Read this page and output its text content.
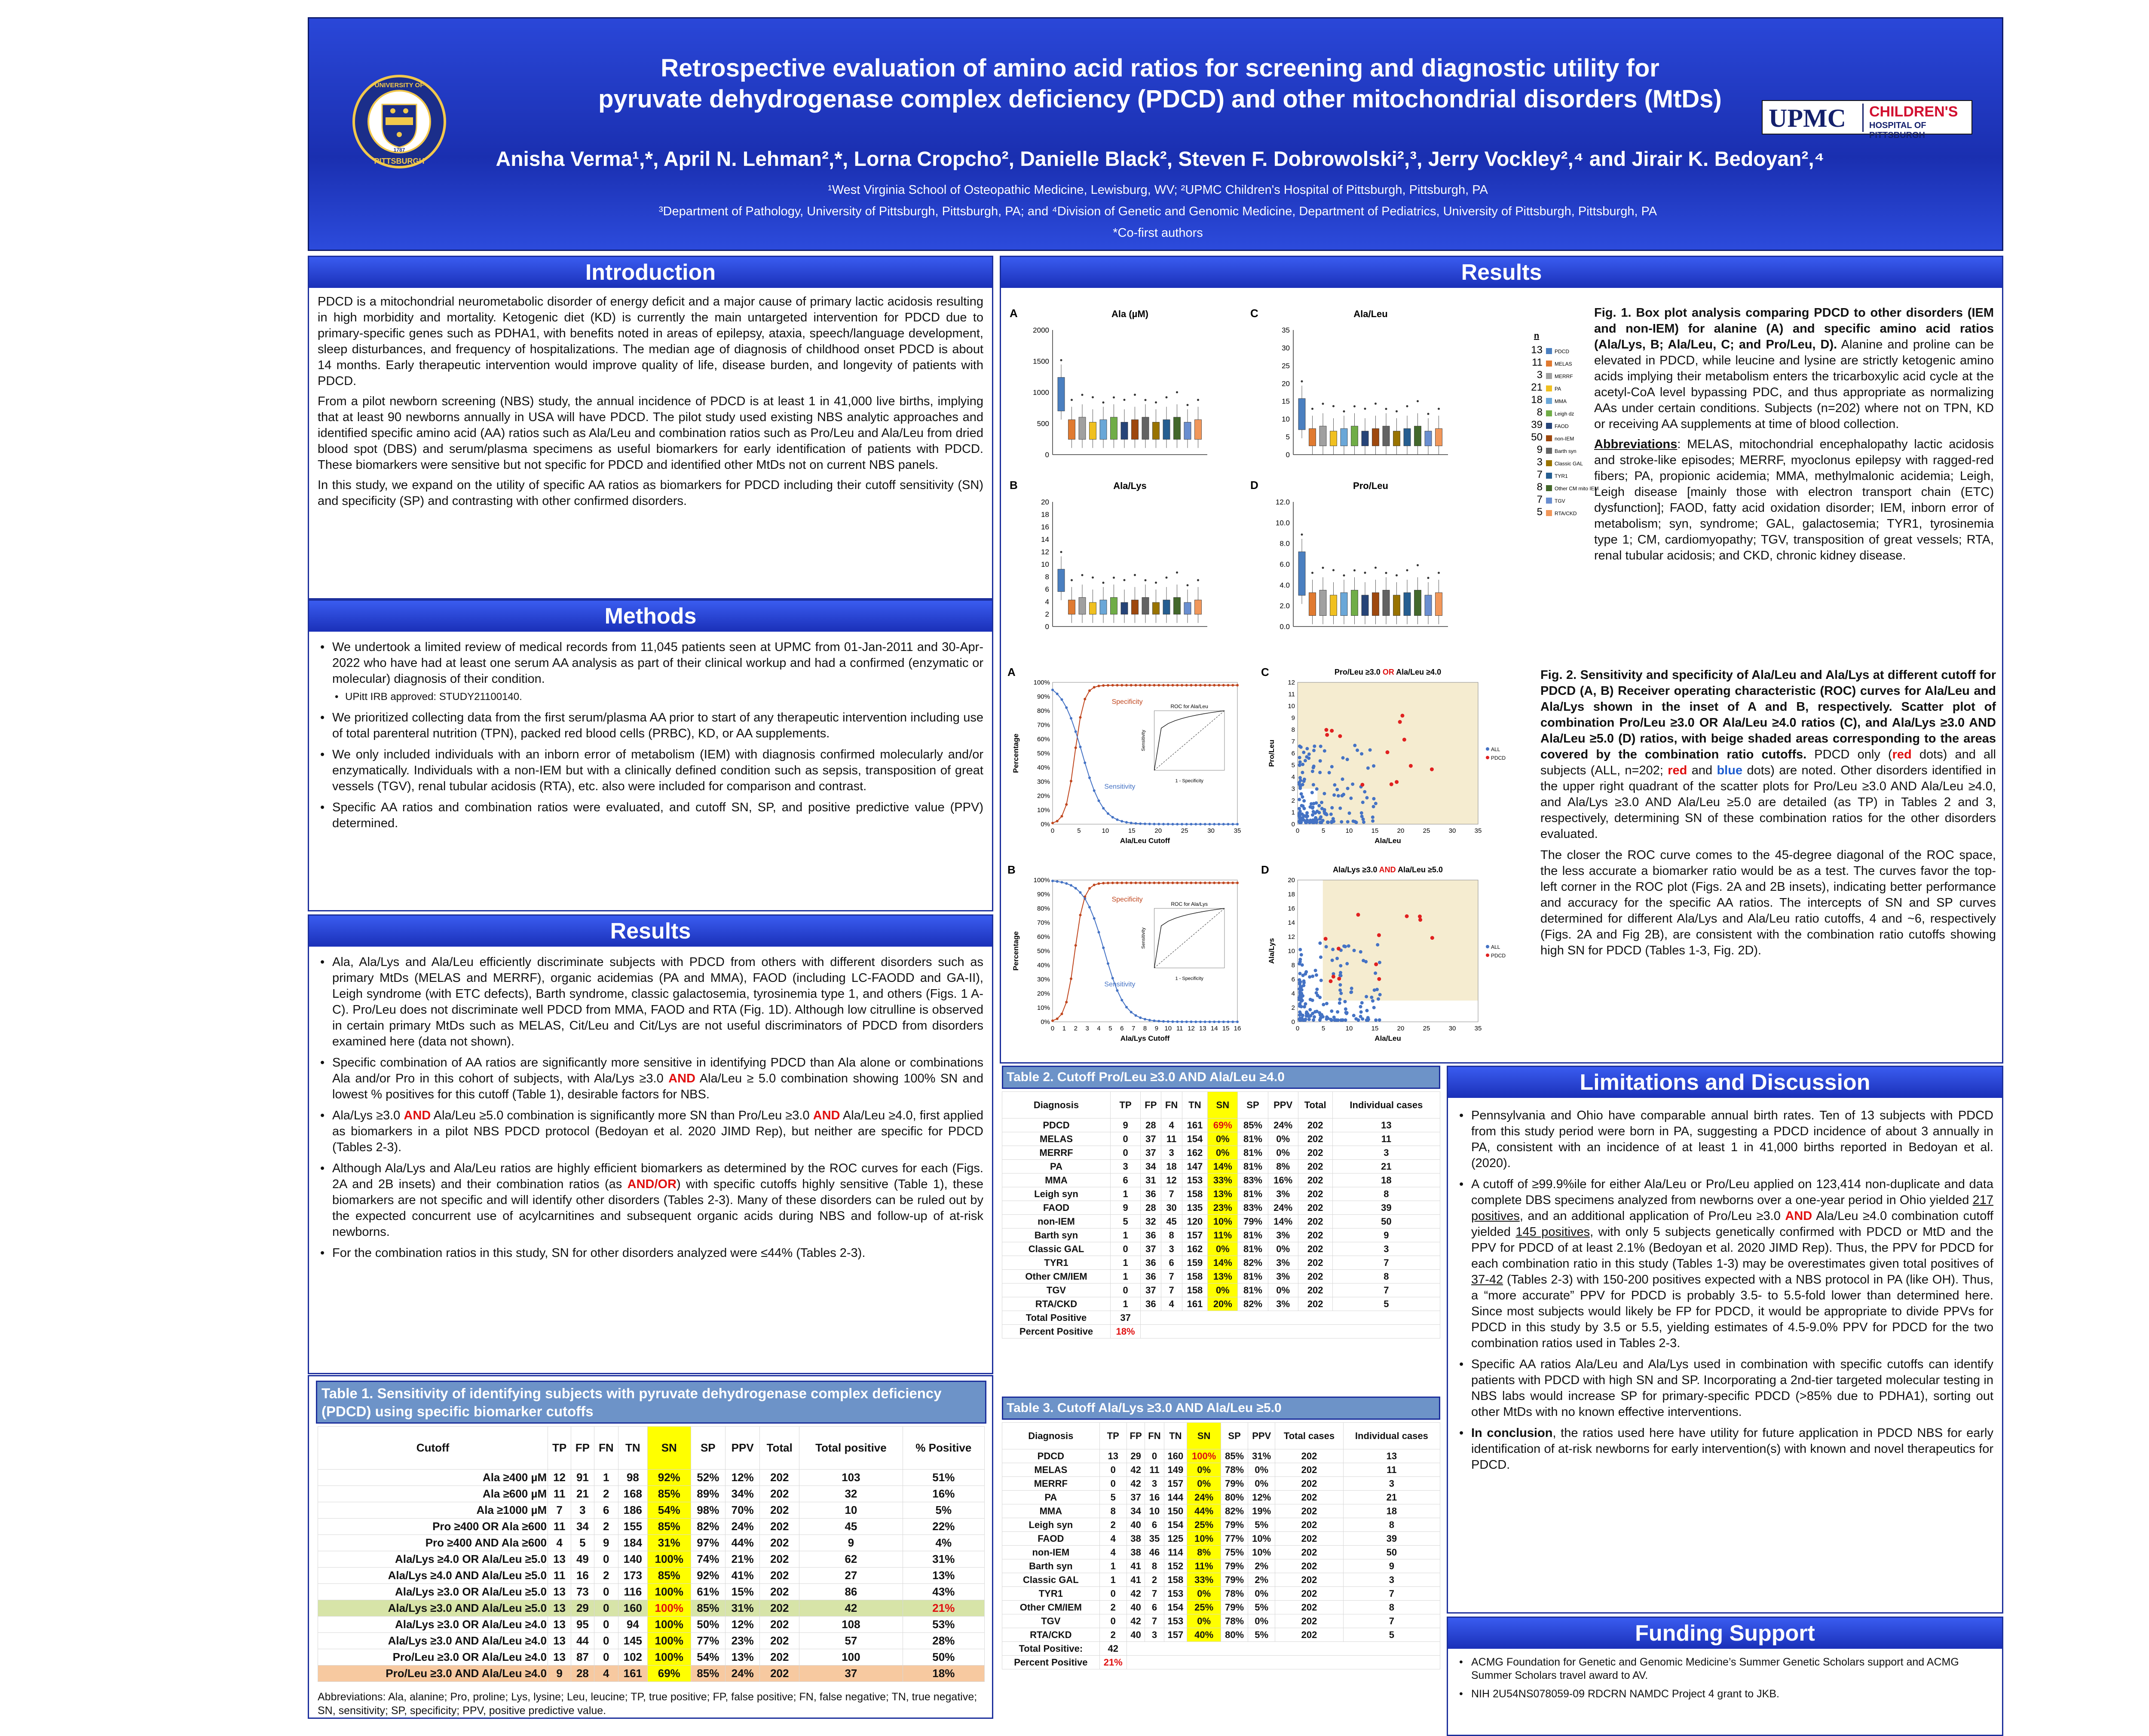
UNIVERSITY OF
PITTSBURGH
1787
Retrospective evaluation of amino acid ratios for screening and diagnostic utility for
pyruvate dehydrogenase complex deficiency (PDCD) and other mitochondrial disorders (MtDs)
UPMC CHILDREN'S
HOSPITAL OF PITTSBURGH
Anisha Verma¹,*, April N. Lehman²,*, Lorna Cropcho², Danielle Black², Steven F. Dobrowolski²,³, Jerry Vockley²,⁴ and Jirair K. Bedoyan²,⁴
¹West Virginia School of Osteopathic Medicine, Lewisburg, WV; ²UPMC Children's Hospital of Pittsburgh, Pittsburgh, PA
³Department of Pathology, University of Pittsburgh, Pittsburgh, PA; and ⁴Division of Genetic and Genomic Medicine, Department of Pediatrics, University of Pittsburgh, Pittsburgh, PA
*Co-first authors
Introduction

PDCD is a mitochondrial neurometabolic disorder of energy deficit and a major cause of primary lactic acidosis resulting in high morbidity and mortality. Ketogenic diet (KD) is currently the main untargeted intervention for PDCD due to primary-specific genes such as PDHA1, with benefits noted in areas of epilepsy, ataxia, speech/language development, sleep disturbances, and frequency of hospitalizations. The median age of diagnosis of childhood onset PDCD is about 14 months. Early therapeutic intervention would improve quality of life, disease burden, and longevity of patients with PDCD.

From a pilot newborn screening (NBS) study, the annual incidence of PDCD is at least 1 in 41,000 live births, implying that at least 90 newborns annually in USA will have PDCD. The pilot study used existing NBS analytic approaches and identified specific amino acid (AA) ratios such as Ala/Leu and combination ratios such as Pro/Leu and Ala/Leu from dried blood spot (DBS) and serum/plasma specimens as useful biomarkers for early identification of patients with PDCD. These biomarkers were sensitive but not specific for PDCD and identified other MtDs not on current NBS panels.

In this study, we expand on the utility of specific AA ratios as biomarkers for PDCD including their cutoff sensitivity (SN) and specificity (SP) and contrasting with other confirmed disorders.

Methods
• We undertook a limited review of medical records from 11,045 patients seen at UPMC from 01-Jan-2011 and 30-Apr-2022 who have had at least one serum AA analysis as part of their clinical workup and had a confirmed (enzymatic or molecular) diagnosis of their condition.
• UPitt IRB approved: STUDY21100140.
• We prioritized collecting data from the first serum/plasma AA prior to start of any therapeutic intervention including use of total parenteral nutrition (TPN), packed red blood cells (PRBC), KD, or AA supplements.
• We only included individuals with an inborn error of metabolism (IEM) with diagnosis confirmed molecularly and/or enzymatically. Individuals with a non-IEM but with a clinically defined condition such as sepsis, transposition of great vessels (TGV), renal tubular acidosis (RTA), etc. also were included for comparison and contrast.
• Specific AA ratios and combination ratios were evaluated, and cutoff SN, SP, and positive predictive value (PPV) determined.
Results
• Ala, Ala/Lys and Ala/Leu efficiently discriminate subjects with PDCD from others with different disorders such as primary MtDs (MELAS and MERRF), organic acidemias (PA and MMA), FAOD (including LC-FAODD and GA-II), Leigh syndrome (with ETC defects), Barth syndrome, classic galactosemia, tyrosinemia type 1, and others (Figs. 1 A-C). Pro/Leu does not discriminate well PDCD from MMA, FAOD and RTA (Fig. 1D). Although low citrulline is observed in certain primary MtDs such as MELAS, Cit/Leu and Cit/Lys are not useful discriminators of PDCD from disorders examined here (data not shown).
• Specific combination of AA ratios are significantly more sensitive in identifying PDCD than Ala alone or combinations Ala and/or Pro in this cohort of subjects, with Ala/Lys ≥3.0 AND Ala/Leu ≥ 5.0 combination showing 100% SN and lowest % positives for this cutoff (Table 1), desirable factors for NBS.
• Ala/Lys ≥3.0 AND Ala/Leu ≥5.0 combination is significantly more SN than Pro/Leu ≥3.0 AND Ala/Leu ≥4.0, first applied as biomarkers in a pilot NBS PDCD protocol (Bedoyan et al. 2020 JIMD Rep), but neither are specific for PDCD (Tables 2-3).
• Although Ala/Lys and Ala/Leu ratios are highly efficient biomarkers as determined by the ROC curves for each (Figs. 2A and 2B insets) and their combination ratios (as AND/OR) with specific cutoffs highly sensitive (Table 1), these biomarkers are not specific and will identify other disorders (Tables 2-3). Many of these disorders can be ruled out by the expected concurrent use of acylcarnitines and subsequent organic acids during NBS and follow-up of at-risk newborns.
• For the combination ratios in this study, SN for other disorders analyzed were ≤44% (Tables 2-3).
Table 1. Sensitivity of identifying subjects with pyruvate dehydrogenase complex deficiency (PDCD) using specific biomarker cutoffs
Cutoff	TP	FP	FN	TN	SN	SP	PPV	Total	Total positive	% Positive
Ala ≥400 µM	12	91	1	98	92%	52%	12%	202	103	51%
Ala ≥600 µM	11	21	2	168	85%	89%	34%	202	32	16%
Ala ≥1000 µM	7	3	6	186	54%	98%	70%	202	10	5%
Pro ≥400 OR Ala ≥600	11	34	2	155	85%	82%	24%	202	45	22%
Pro ≥400 AND Ala ≥600	4	5	9	184	31%	97%	44%	202	9	4%
Ala/Lys ≥4.0 OR Ala/Leu ≥5.0	13	49	0	140	100%	74%	21%	202	62	31%
Ala/Lys ≥4.0 AND Ala/Leu ≥5.0	11	16	2	173	85%	92%	41%	202	27	13%
Ala/Lys ≥3.0 OR Ala/Leu ≥5.0	13	73	0	116	100%	61%	15%	202	86	43%
Ala/Lys ≥3.0 AND Ala/Leu ≥5.0	13	29	0	160	100%	85%	31%	202	42	21%
Ala/Lys ≥3.0 OR Ala/Leu ≥4.0	13	95	0	94	100%	50%	12%	202	108	53%
Ala/Lys ≥3.0 AND Ala/Leu ≥4.0	13	44	0	145	100%	77%	23%	202	57	28%
Pro/Leu ≥3.0 OR Ala/Leu ≥4.0	13	87	0	102	100%	54%	13%	202	100	50%
Pro/Leu ≥3.0 AND Ala/Leu ≥4.0	9	28	4	161	69%	85%	24%	202	37	18%
Abbreviations: Ala, alanine; Pro, proline; Lys, lysine; Leu, leucine; TP, true positive; FP, false positive; FN, false negative; TN, true negative; SN, sensitivity; SP, specificity; PPV, positive predictive value.
Results
A	Ala (µM)
0
500
1000
1500
2000
C	Ala/Leu
0
5
10
15
20
25
30
35
B	Ala/Lys
0
2
4
6
8
10
12
14
16
18
20
D	Pro/Leu
0.0
2.0
4.0
6.0
8.0
10.0
12.0
n
13 PDCD
11 MELAS
3 MERRF
21 PA
18 MMA
8 Leigh dz
39 FAOD
50 non-IEM
9 Barth syn
3 Classic GAL
7 TYR1
8 Other CM mito IEM
7 TGV
5 RTA/CKD
Fig. 1. Box plot analysis comparing PDCD to other disorders (IEM and non-IEM) for alanine (A) and specific amino acid ratios (Ala/Lys, B; Ala/Leu, C; and Pro/Leu, D). Alanine and proline can be elevated in PDCD, while leucine and lysine are strictly ketogenic amino acids implying their metabolism enters the tricarboxylic acid cycle at the acetyl-CoA level bypassing PDC, and thus appropriate as normalizing AAs under certain conditions. Subjects (n=202) where not on TPN, KD or receiving AA supplements at time of blood collection.
Abbreviations: MELAS, mitochondrial encephalopathy lactic acidosis and stroke-like episodes; MERRF, myoclonus epilepsy with ragged-red fibers; PA, propionic acidemia; MMA, methylmalonic acidemia; Leigh, Leigh disease [mainly those with electron transport chain (ETC) dysfunction]; FAOD, fatty acid oxidation disorder; IEM, inborn error of metabolism; syn, syndrome; GAL, galactosemia; TYR1, tyrosinemia type 1; CM, cardiomyopathy; TGV, transposition of great vessels; RTA, renal tubular acidosis; and CKD, chronic kidney disease.
A
0%
10%
20%
30%
40%
50%
60%
70%
80%
90%
100%
0	5	10	15	20	25	30	35
Ala/Leu Cutoff
Percentage
Specificity
Sensitivity
ROC for Ala/Leu
1 - Specificity
Sensitivity
C	Pro/Leu ≥3.0 OR Ala/Leu ≥4.0
0
1
2
3
4
5
6
7
8
9
10
11
12
0	5	10	15	20	25	30	35
Ala/Leu
Pro/Leu	ALL
PDCD
B
0%
10%
20%
30%
40%
50%
60%
70%
80%
90%
100%
0 1 2 3 4 5 6 7 8 9 10 11 12 13 14 15 16
Ala/Lys Cutoff
Percentage
Specificity
Sensitivity
ROC for Ala/Lys
1 - Specificity
Sensitivity
D	Ala/Lys ≥3.0 AND Ala/Leu ≥5.0
0
2
4
6
8
10
12
14
16
18
20
0	5	10	15	20	25	30	35
Ala/Leu
Ala/Lys	ALL
PDCD
Fig. 2. Sensitivity and specificity of Ala/Leu and Ala/Lys at different cutoff for PDCD (A, B) Receiver operating characteristic (ROC) curves for Ala/Leu and Ala/Lys shown in the inset of A and B, respectively. Scatter plot of combination Pro/Leu ≥3.0 OR Ala/Leu ≥4.0 ratios (C), and Ala/Lys ≥3.0 AND Ala/Leu ≥5.0 (D) ratios, with beige shaded areas corresponding to the areas covered by the combination ratio cutoffs. PDCD only (red dots) and all subjects (ALL, n=202; red and blue dots) are noted. Other disorders identified in the upper right quadrant of the scatter plots for Pro/Leu ≥3.0 AND Ala/Leu ≥4.0, and Ala/Lys ≥3.0 AND Ala/Leu ≥5.0 are detailed (as TP) in Tables 2 and 3, respectively, determining SN of these combination ratios for the other disorders evaluated.
The closer the ROC curve comes to the 45-degree diagonal of the ROC space, the less accurate a biomarker ratio would be as a test. The curves favor the top-left corner in the ROC plot (Figs. 2A and 2B insets), indicating better performance and accuracy for the specific AA ratios. The intercepts of SN and SP curves determined for different Ala/Lys and Ala/Leu ratio cutoffs, 4 and ~6, respectively (Figs. 2A and Fig 2B), are consistent with the combination ratio cutoffs showing high SN for PDCD (Tables 1-3, Fig. 2D).
Table 2. Cutoff Pro/Leu ≥3.0 AND Ala/Leu ≥4.0
Diagnosis	TP	FP	FN	TN	SN	SP	PPV	Total	Individual cases
PDCD	9	28	4	161	69%	85%	24%	202	13
MELAS	0	37	11	154	0%	81%	0%	202	11
MERRF	0	37	3	162	0%	81%	0%	202	3
PA	3	34	18	147	14%	81%	8%	202	21
MMA	6	31	12	153	33%	83%	16%	202	18
Leigh syn	1	36	7	158	13%	81%	3%	202	8
FAOD	9	28	30	135	23%	83%	24%	202	39
non-IEM	5	32	45	120	10%	79%	14%	202	50
Barth syn	1	36	8	157	11%	81%	3%	202	9
Classic GAL	0	37	3	162	0%	81%	0%	202	3
TYR1	1	36	6	159	14%	82%	3%	202	7
Other CM/IEM	1	36	7	158	13%	81%	3%	202	8
TGV	0	37	7	158	0%	81%	0%	202	7
RTA/CKD	1	36	4	161	20%	82%	3%	202	5
Total Positive	37								
Percent Positive	18%								
Table 3. Cutoff Ala/Lys ≥3.0 AND Ala/Leu ≥5.0
Diagnosis	TP	FP	FN	TN	SN	SP	PPV	Total cases	Individual cases
PDCD	13	29	0	160	100%	85%	31%	202	13
MELAS	0	42	11	149	0%	78%	0%	202	11
MERRF	0	42	3	157	0%	79%	0%	202	3
PA	5	37	16	144	24%	80%	12%	202	21
MMA	8	34	10	150	44%	82%	19%	202	18
Leigh syn	2	40	6	154	25%	79%	5%	202	8
FAOD	4	38	35	125	10%	77%	10%	202	39
non-IEM	4	38	46	114	8%	75%	10%	202	50
Barth syn	1	41	8	152	11%	79%	2%	202	9
Classic GAL	1	41	2	158	33%	79%	2%	202	3
TYR1	0	42	7	153	0%	78%	0%	202	7
Other CM/IEM	2	40	6	154	25%	79%	5%	202	8
TGV	0	42	7	153	0%	78%	0%	202	7
RTA/CKD	2	40	3	157	40%	80%	5%	202	5
Total Positive:	42								
Percent Positive	21%								
Limitations and Discussion
• Pennsylvania and Ohio have comparable annual birth rates. Ten of 13 subjects with PDCD from this study period were born in PA, suggesting a PDCD incidence of about 3 annually in PA, consistent with an incidence of at least 1 in 41,000 births reported in Bedoyan et al. (2020).
• A cutoff of ≥99.9%ile for either Ala/Leu or Pro/Leu applied on 123,414 non-duplicate and data complete DBS specimens analyzed from newborns over a one-year period in Ohio yielded 217 positives, and an additional application of Pro/Leu ≥3.0 AND Ala/Leu ≥4.0 combination cutoff yielded 145 positives, with only 5 subjects genetically confirmed with PDCD or MtD and the PPV for PDCD of at least 2.1% (Bedoyan et al. 2020 JIMD Rep). Thus, the PPV for PDCD for each combination ratio in this study (Tables 1-3) may be overestimates given total positives of 37-42 (Tables 2-3) with 150-200 positives expected with a NBS protocol in PA (like OH). Thus, a “more accurate” PPV for PDCD is probably 3.5- to 5.5-fold lower than determined here. Since most subjects would likely be FP for PDCD, it would be appropriate to divide PPVs for PDCD in this study by 3.5 or 5.5, yielding estimates of 4.5-9.0% PPV for PDCD for the two combination ratios used in Tables 2-3.
• Specific AA ratios Ala/Leu and Ala/Lys used in combination with specific cutoffs can identify patients with PDCD with high SN and SP. Incorporating a 2nd-tier targeted molecular testing in NBS labs would increase SP for primary-specific PDCD (>85% due to PDHA1), sorting out other MtDs with no known effective interventions.
• In conclusion, the ratios used here have utility for future application in PDCD NBS for early identification of at-risk newborns for early intervention(s) with known and novel therapeutics for PDCD.
Funding Support
• ACMG Foundation for Genetic and Genomic Medicine’s Summer Genetic Scholars support and ACMG Summer Scholars travel award to AV.
• NIH 2U54NS078059-09 RDCRN NAMDC Project 4 grant to JKB.
